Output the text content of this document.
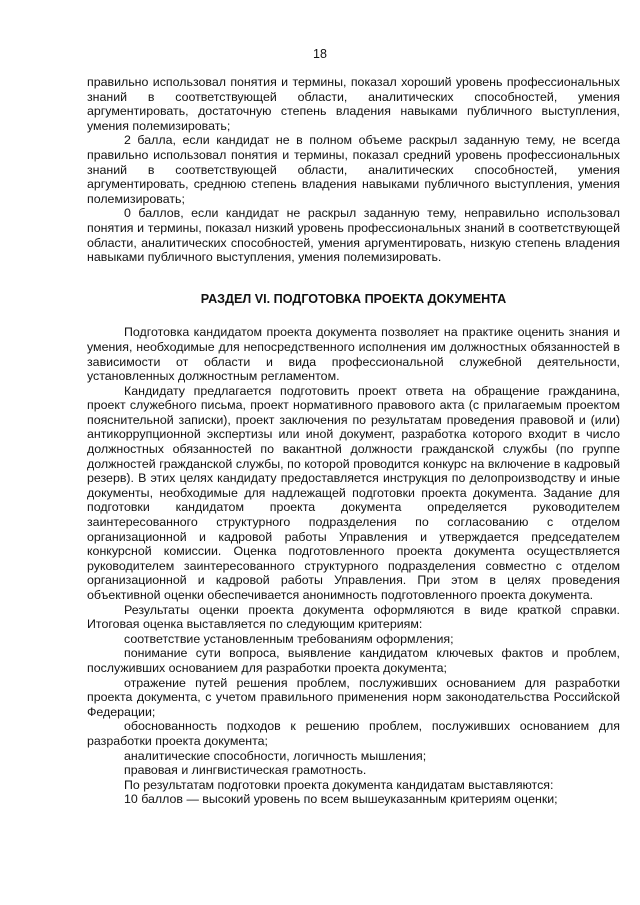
18

правильно использовал понятия и термины, показал хороший уровень профессиональных знаний в соответствующей области, аналитических способностей, умения аргументировать, достаточную степень владения навыками публичного выступления, умения полемизировать;

2 балла, если кандидат не в полном объеме раскрыл заданную тему, не всегда правильно использовал понятия и термины, показал средний уровень профессиональных знаний в соответствующей области, аналитических способностей, умения аргументировать, среднюю степень владения навыками публичного выступления, умения полемизировать;

0 баллов, если кандидат не раскрыл заданную тему, неправильно использовал понятия и термины, показал низкий уровень профессиональных знаний в соответствующей области, аналитических способностей, умения аргументировать, низкую степень владения навыками публичного выступления, умения полемизировать.

РАЗДЕЛ VI. ПОДГОТОВКА ПРОЕКТА ДОКУМЕНТА

Подготовка кандидатом проекта документа позволяет на практике оценить знания и умения, необходимые для непосредственного исполнения им должностных обязанностей в зависимости от области и вида профессиональной служебной деятельности, установленных должностным регламентом.

Кандидату предлагается подготовить проект ответа на обращение гражданина, проект служебного письма, проект нормативного правового акта (с прилагаемым проектом пояснительной записки), проект заключения по результатам проведения правовой и (или) антикоррупционной экспертизы или иной документ, разработка которого входит в число должностных обязанностей по вакантной должности гражданской службы (по группе должностей гражданской службы, по которой проводится конкурс на включение в кадровый резерв). В этих целях кандидату предоставляется инструкция по делопроизводству и иные документы, необходимые для надлежащей подготовки проекта документа. Задание для подготовки кандидатом проекта документа определяется руководителем заинтересованного структурного подразделения по согласованию с отделом организационной и кадровой работы Управления и утверждается председателем конкурсной комиссии. Оценка подготовленного проекта документа осуществляется руководителем заинтересованного структурного подразделения совместно с отделом организационной и кадровой работы Управления. При этом в целях проведения объективной оценки обеспечивается анонимность подготовленного проекта документа.

Результаты оценки проекта документа оформляются в виде краткой справки. Итоговая оценка выставляется по следующим критериям:

соответствие установленным требованиям оформления;

понимание сути вопроса, выявление кандидатом ключевых фактов и проблем, послуживших основанием для разработки проекта документа;

отражение путей решения проблем, послуживших основанием для разработки проекта документа, с учетом правильного применения норм законодательства Российской Федерации;

обоснованность подходов к решению проблем, послуживших основанием для разработки проекта документа;

аналитические способности, логичность мышления;

правовая и лингвистическая грамотность.

По результатам подготовки проекта документа кандидатам выставляются:

10 баллов — высокий уровень по всем вышеуказанным критериям оценки;
